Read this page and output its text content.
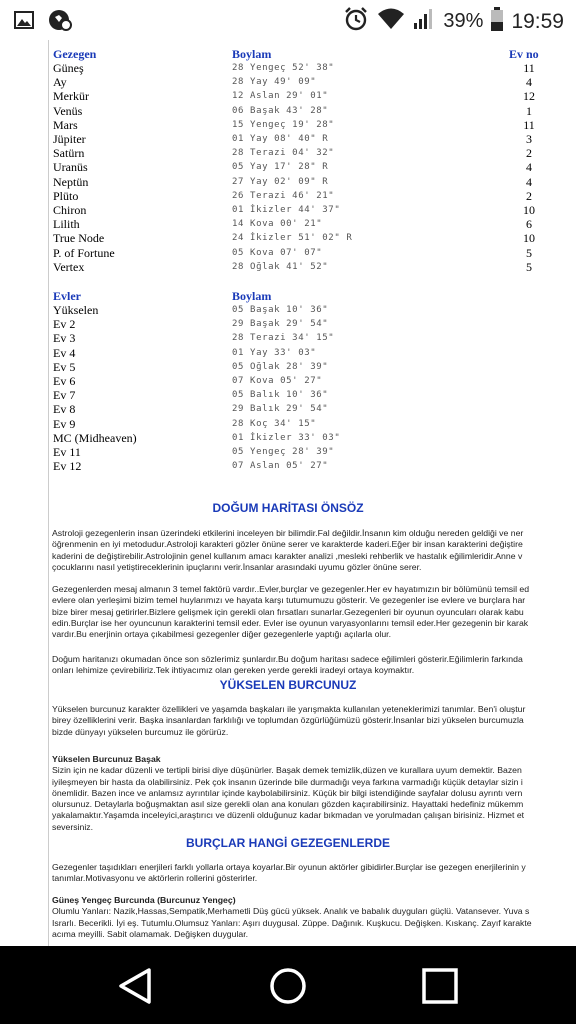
39% 19:59
Gezegen	Boylam	Ev no
Güneş	28 Yengeç 52' 38"	11
Ay	28 Yay 49' 09"	4
Merkür	12 Aslan 29' 01"	12
Venüs	06 Başak 43' 28"	1
Mars	15 Yengeç 19' 28"	11
Jüpiter	01 Yay 08' 40" R	3
Satürn	28 Terazi 04' 32"	2
Uranüs	05 Yay 17' 28" R	4
Neptün	27 Yay 02' 09" R	4
Plüto	26 Terazi 46' 21"	2
Chiron	01 İkizler 44' 37"	10
Lilith	14 Kova 00' 21"	6
True Node	24 İkizler 51' 02" R	10
P. of Fortune	05 Kova 07' 07"	5
Vertex	28 Oğlak 41' 52"	5
Evler	Boylam
Yükselen	05 Başak 10' 36"
Ev 2	29 Başak 29' 54"
Ev 3	28 Terazi 34' 15"
Ev 4	01 Yay 33' 03"
Ev 5	05 Oğlak 28' 39"
Ev 6	07 Kova 05' 27"
Ev 7	05 Balık 10' 36"
Ev 8	29 Balık 29' 54"
Ev 9	28 Koç 34' 15"
MC (Midheaven)	01 İkizler 33' 03"
Ev 11	05 Yengeç 28' 39"
Ev 12	07 Aslan 05' 27"
DOĞUM HARİTASI ÖNSÖZ
Astroloji gezegenlerin insan üzerindeki etkilerini inceleyen bir bilimdir.Fal değildir.İnsanın kim olduğu nereden geldiği ve ner
öğrenmenin en iyi metodudur.Astroloji karakteri gözler önüne serer ve karakterde kaderi.Eğer bir insan karakterini değiştire
kaderini de değiştirebilir.Astrolojinin genel kullanım amacı karakter analizi ,mesleki rehberlik ve hastalık eğilimleridir.Anne v
çocuklarını nasıl yetiştireceklerinin ipuçlarını verir.İnsanlar arasındaki uyumu gözler önüne serer.
Gezegenlerden mesaj almanın 3 temel faktörü vardır..Evler,burçlar ve gezegenler.Her ev hayatımızın bir bölümünü temsil ed
evlere olan yerleşimi bizim temel huylarımızı ve hayata karşı tutumumuzu gösterir. Ve gezegenler ise evlere ve burçlara har
bize birer mesaj getirirler.Bizlere gelişmek için gerekli olan fırsatları sunarlar.Gezegenleri bir oyunun oyuncuları olarak kabu
edin.Burçlar ise her oyuncunun karakterini temsil eder. Evler ise oyunun varyasyonlarını temsil eder.Her gezegenin bir karak
vardır.Bu enerjinin ortaya çıkabilmesi gezegenler diğer gezegenlerle yaptığı açılarla olur.
Doğum haritanızı okumadan önce son sözlerimiz şunlardır.Bu doğum haritası sadece eğilimleri gösterir.Eğilimlerin farkında
onları lehimize çevirebiliriz.Tek ihtiyacımız olan gereken yerde gerekli iradeyi ortaya koymaktır.
YÜKSELEN BURCUNUZ
Yükselen burcunuz karakter özellikleri ve yaşamda başkaları ile yarışmakta kullanılan yeteneklerimizi tanımlar. Ben'i oluştur
birey özelliklerini verir. Başka insanlardan farklılığı ve toplumdan özgürlüğümüzü gösterir.İnsanlar bizi yükselen burcumuzla
bizde dünyayı yükselen burcumuz ile görürüz.
Yükselen Burcunuz Başak
Sizin için ne kadar düzenli ve tertipli birisi diye düşünürler. Başak demek temizlik,düzen ve kurallara uyum demektir. Bazen
iyileşmeyen bir hasta da olabilirsiniz. Pek çok insanın üzerinde bile durmadığı veya farkına varmadığı küçük detaylar sizin i
önemlidir. Bazen ince ve anlamsız ayrıntılar içinde kaybolabilirsiniz. Küçük bir bilgi istendiğinde sayfalar dolusu ayrıntı vern
olursunuz. Detaylarla boğuşmaktan asıl size gerekli olan ana konuları gözden kaçırabilirsiniz. Hayattaki hedefiniz mükemm
yakalamaktır.Yaşamda inceleyici,araştırıcı ve düzenli olduğunuz kadar bıkmadan ve yorulmadan çalışan birisiniz. Hizmet et
seversiniz.
BURÇLAR HANGİ GEZEGENLERDE
Gezegenler taşıdıkları enerjileri farklı yollarla ortaya koyarlar.Bir oyunun aktörler gibidirler.Burçlar ise gezegen enerjilerinin y
tanımlar.Motivasyonu ve aktörlerin rollerini gösterirler.
Güneş Yengeç Burcunda (Burcunuz Yengeç)
Olumlu Yanları: Nazik,Hassas,Sempatik,Merhametli Düş gücü yüksek. Analık ve babalık duyguları güçlü. Vatansever. Yuva s
Israrlı. Becerikli. İyi eş. Tutumlu.Olumsuz Yanları: Aşırı duygusal. Züppe. Dağınık. Kuşkucu. Değişken. Kıskanç. Zayıf karakte
acıma meyilli. Sabit olamamak. Değişken duygular.
